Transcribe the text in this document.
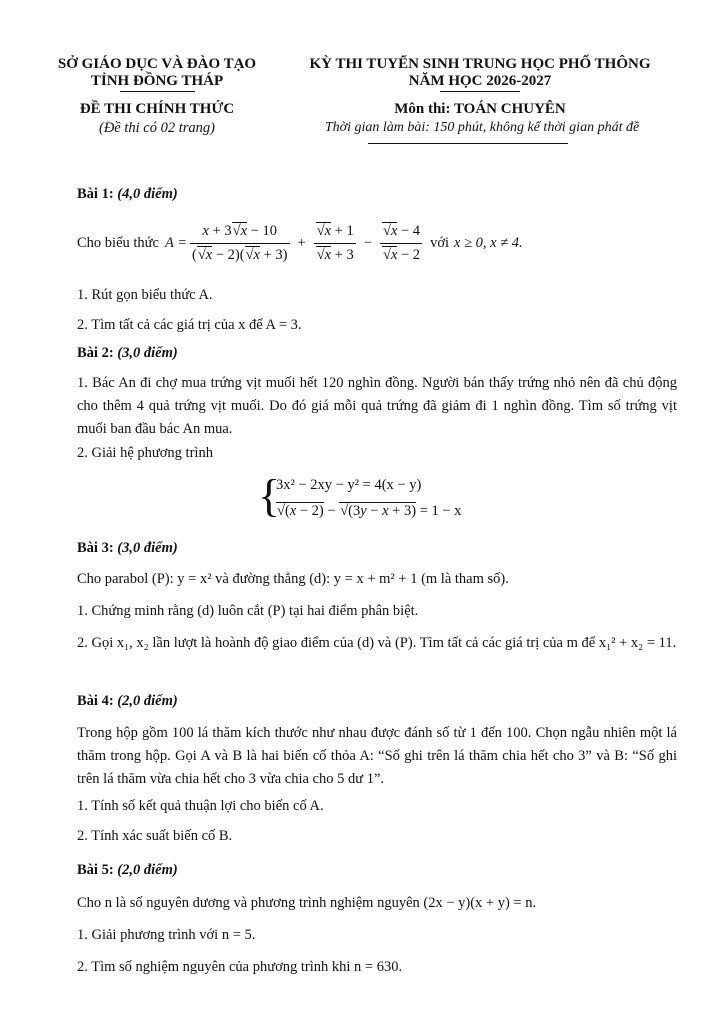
SỞ GIÁO DỤC VÀ ĐÀO TẠO
TỈNH ĐỒNG THÁP
ĐỀ THI CHÍNH THỨC
(Đề thi có 02 trang)
KỲ THI TUYỂN SINH TRUNG HỌC PHỔ THÔNG
NĂM HỌC 2026-2027
Môn thi: TOÁN CHUYÊN
Thời gian làm bài: 150 phút, không kể thời gian phát đề
Bài 1: (4,0 điểm)
Cho biểu thức $A = \frac{x + 3√x - 10}{(√x - 2)(√x + 3)} + \frac{√x + 1}{√x + 3} - \frac{√x - 4}{√x - 2}$ với x ≥ 0, x ≠ 4.
1. Rút gọn biểu thức A.
2. Tìm tất cả các giá trị của x để A = 3.
Bài 2: (3,0 điểm)
1. Bác An đi chợ mua trứng vịt muối hết 120 nghìn đồng. Người bán thấy trứng nhỏ nên đã chủ động cho thêm 4 quả trứng vịt muối. Do đó giá mỗi quả trứng đã giảm đi 1 nghìn đồng. Tìm số trứng vịt muối ban đầu bác An mua.
2. Giải hệ phương trình
{
3x² − 2xy − y² = 4(x − y)
√(x − 2) − √(3y − x + 3) = 1 − x
Bài 3: (3,0 điểm)
Cho parabol (P): y = x² và đường thẳng (d): y = x + m² + 1 (m là tham số).
1. Chứng minh rằng (d) luôn cắt (P) tại hai điểm phân biệt.
2. Gọi x₁, x₂ lần lượt là hoành độ giao điểm của (d) và (P). Tìm tất cả các giá trị của m để x₁² + x₂ = 11.
Bài 4: (2,0 điểm)
Trong hộp gồm 100 lá thăm kích thước như nhau được đánh số từ 1 đến 100. Chọn ngẫu nhiên một lá thăm trong hộp. Gọi A và B là hai biến cố thỏa A: “Số ghi trên lá thăm chia hết cho 3” và B: “Số ghi trên lá thăm vừa chia hết cho 3 vừa chia cho 5 dư 1”.
1. Tính số kết quả thuận lợi cho biến cố A.
2. Tính xác suất biến cố B.
Bài 5: (2,0 điểm)
Cho n là số nguyên dương và phương trình nghiệm nguyên (2x − y)(x + y) = n.
1. Giải phương trình với n = 5.
2. Tìm số nghiệm nguyên của phương trình khi n = 630.
